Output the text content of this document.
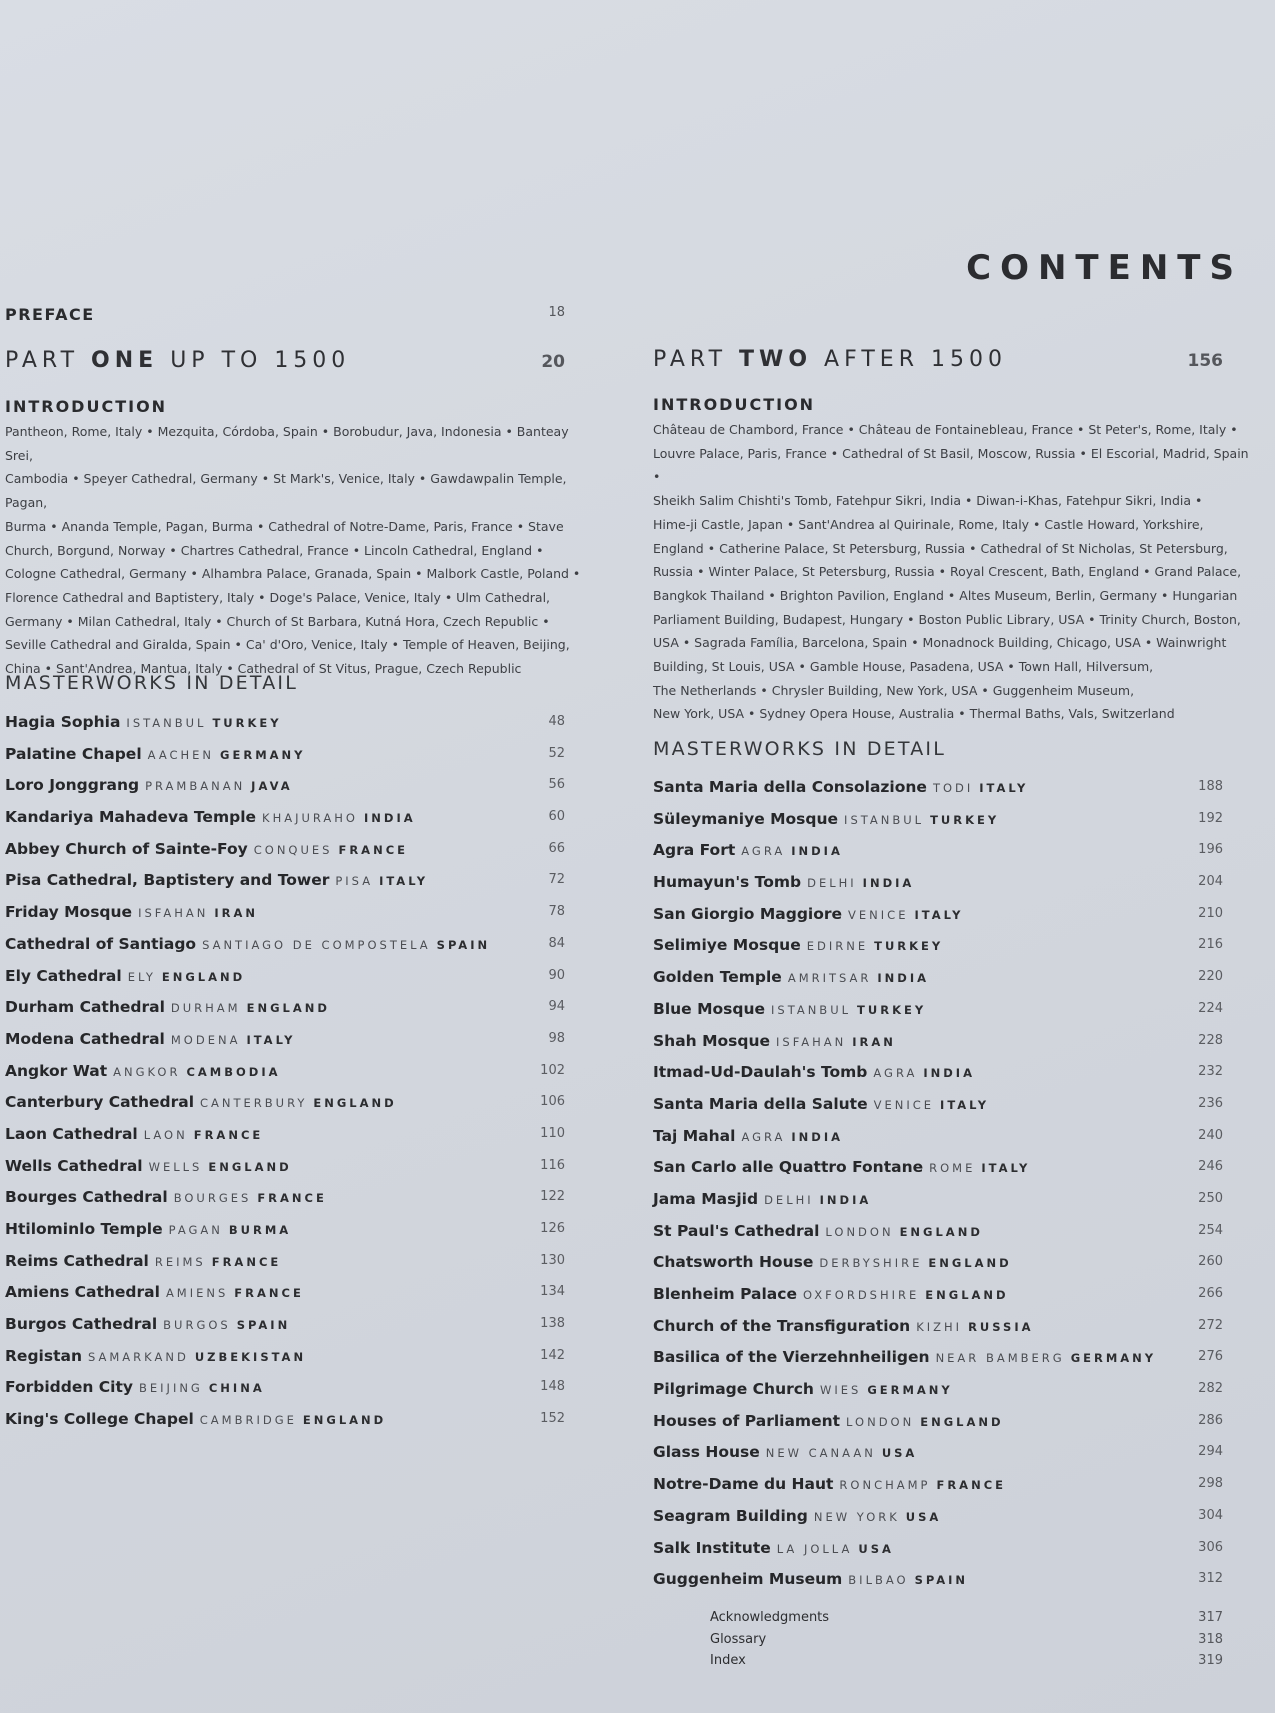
CONTENTS
PREFACE	18
PART ONE UP TO 1500	20
INTRODUCTION
Pantheon, Rome, Italy • Mezquita, Córdoba, Spain • Borobudur, Java, Indonesia • Banteay Srei,
Cambodia • Speyer Cathedral, Germany • St Mark's, Venice, Italy • Gawdawpalin Temple, Pagan,
Burma • Ananda Temple, Pagan, Burma • Cathedral of Notre-Dame, Paris, France • Stave
Church, Borgund, Norway • Chartres Cathedral, France • Lincoln Cathedral, England •
Cologne Cathedral, Germany • Alhambra Palace, Granada, Spain • Malbork Castle, Poland •
Florence Cathedral and Baptistery, Italy • Doge's Palace, Venice, Italy • Ulm Cathedral,
Germany • Milan Cathedral, Italy • Church of St Barbara, Kutná Hora, Czech Republic •
Seville Cathedral and Giralda, Spain • Ca' d'Oro, Venice, Italy • Temple of Heaven, Beijing,
China • Sant'Andrea, Mantua, Italy • Cathedral of St Vitus, Prague, Czech Republic
MASTERWORKS IN DETAIL
Hagia Sophia ISTANBUL TURKEY	48
Palatine Chapel AACHEN GERMANY	52
Loro Jonggrang PRAMBANAN JAVA	56
Kandariya Mahadeva Temple KHAJURAHO INDIA	60
Abbey Church of Sainte-Foy CONQUES FRANCE	66
Pisa Cathedral, Baptistery and Tower PISA ITALY	72
Friday Mosque ISFAHAN IRAN	78
Cathedral of Santiago SANTIAGO DE COMPOSTELA SPAIN	84
Ely Cathedral ELY ENGLAND	90
Durham Cathedral DURHAM ENGLAND	94
Modena Cathedral MODENA ITALY	98
Angkor Wat ANGKOR CAMBODIA	102
Canterbury Cathedral CANTERBURY ENGLAND	106
Laon Cathedral LAON FRANCE	110
Wells Cathedral WELLS ENGLAND	116
Bourges Cathedral BOURGES FRANCE	122
Htilominlo Temple PAGAN BURMA	126
Reims Cathedral REIMS FRANCE	130
Amiens Cathedral AMIENS FRANCE	134
Burgos Cathedral BURGOS SPAIN	138
Registan SAMARKAND UZBEKISTAN	142
Forbidden City BEIJING CHINA	148
King's College Chapel CAMBRIDGE ENGLAND	152
PART TWO AFTER 1500	156
INTRODUCTION
Château de Chambord, France • Château de Fontainebleau, France • St Peter's, Rome, Italy •
Louvre Palace, Paris, France • Cathedral of St Basil, Moscow, Russia • El Escorial, Madrid, Spain •
Sheikh Salim Chishti's Tomb, Fatehpur Sikri, India • Diwan-i-Khas, Fatehpur Sikri, India •
Hime-ji Castle, Japan • Sant'Andrea al Quirinale, Rome, Italy • Castle Howard, Yorkshire,
England • Catherine Palace, St Petersburg, Russia • Cathedral of St Nicholas, St Petersburg,
Russia • Winter Palace, St Petersburg, Russia • Royal Crescent, Bath, England • Grand Palace,
Bangkok Thailand • Brighton Pavilion, England • Altes Museum, Berlin, Germany • Hungarian
Parliament Building, Budapest, Hungary • Boston Public Library, USA • Trinity Church, Boston,
USA • Sagrada Família, Barcelona, Spain • Monadnock Building, Chicago, USA • Wainwright
Building, St Louis, USA • Gamble House, Pasadena, USA • Town Hall, Hilversum,
The Netherlands • Chrysler Building, New York, USA • Guggenheim Museum,
New York, USA • Sydney Opera House, Australia • Thermal Baths, Vals, Switzerland
MASTERWORKS IN DETAIL
Santa Maria della Consolazione TODI ITALY	188
Süleymaniye Mosque ISTANBUL TURKEY	192
Agra Fort AGRA INDIA	196
Humayun's Tomb DELHI INDIA	204
San Giorgio Maggiore VENICE ITALY	210
Selimiye Mosque EDIRNE TURKEY	216
Golden Temple AMRITSAR INDIA	220
Blue Mosque ISTANBUL TURKEY	224
Shah Mosque ISFAHAN IRAN	228
Itmad-Ud-Daulah's Tomb AGRA INDIA	232
Santa Maria della Salute VENICE ITALY	236
Taj Mahal AGRA INDIA	240
San Carlo alle Quattro Fontane ROME ITALY	246
Jama Masjid DELHI INDIA	250
St Paul's Cathedral LONDON ENGLAND	254
Chatsworth House DERBYSHIRE ENGLAND	260
Blenheim Palace OXFORDSHIRE ENGLAND	266
Church of the Transfiguration KIZHI RUSSIA	272
Basilica of the Vierzehnheiligen NEAR BAMBERG GERMANY	276
Pilgrimage Church WIES GERMANY	282
Houses of Parliament LONDON ENGLAND	286
Glass House NEW CANAAN USA	294
Notre-Dame du Haut RONCHAMP FRANCE	298
Seagram Building NEW YORK USA	304
Salk Institute LA JOLLA USA	306
Guggenheim Museum BILBAO SPAIN	312
Acknowledgments	317
Glossary	318
Index	319
